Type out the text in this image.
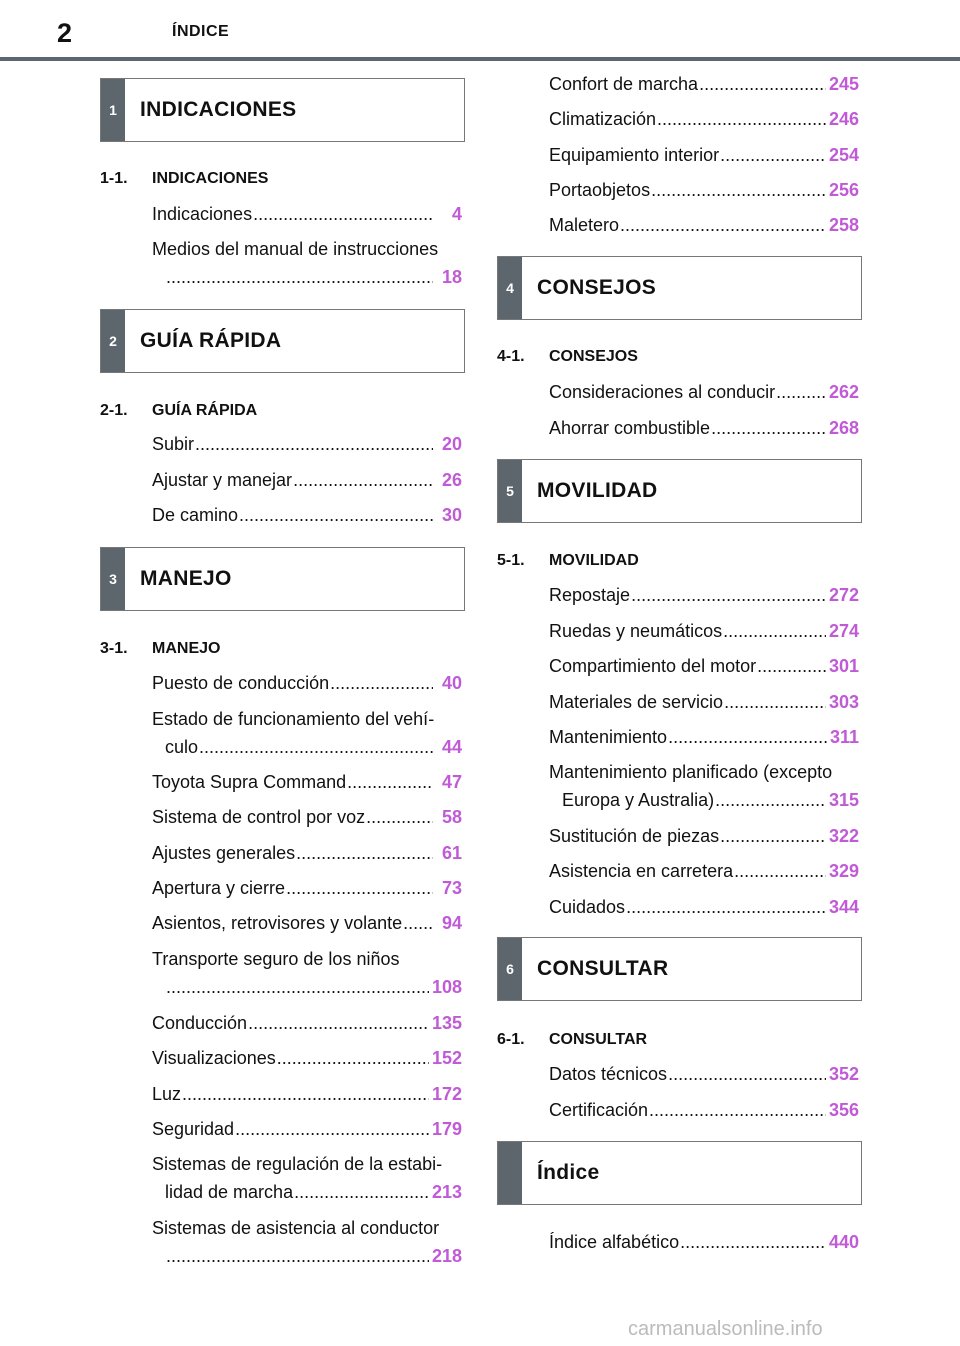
2	ÍNDICE
1	INDICACIONES
1-1. INDICACIONES
Indicaciones .....	4
Medios del manual de instrucciones
.....
18
2	GUÍA RÁPIDA
2-1. GUÍA RÁPIDA
Subir .....	20
Ajustar y manejar .....	26
De camino .....	30
3	MANEJO
3-1. MANEJO
Puesto de conducción .....	40
Estado de funcionamiento del vehí-
culo .....	44
Toyota Supra Command .....	47
Sistema de control por voz .....	58
Ajustes generales .....	61
Apertura y cierre .....	73
Asientos, retrovisores y volante .....	94
Transporte seguro de los niños
.....
108
Conducción .....	135
Visualizaciones .....	152
Luz .....	172
Seguridad .....	179
Sistemas de regulación de la estabi-
lidad de marcha .....	213
Sistemas de asistencia al conductor
.....
218
Confort de marcha .....	245
Climatización .....	246
Equipamiento interior .....	254
Portaobjetos .....	256
Maletero .....	258
4	CONSEJOS
4-1. CONSEJOS
Consideraciones al conducir .....	262
Ahorrar combustible .....	268
5	MOVILIDAD
5-1. MOVILIDAD
Repostaje .....	272
Ruedas y neumáticos .....	274
Compartimiento del motor .....	301
Materiales de servicio .....	303
Mantenimiento .....	311
Mantenimiento planificado (excepto
Europa y Australia) .....	315
Sustitución de piezas .....	322
Asistencia en carretera .....	329
Cuidados .....	344
6	CONSULTAR
6-1. CONSULTAR
Datos técnicos .....	352
Certificación .....	356
Índice
Índice alfabético .....	440
carmanualsonline.info
